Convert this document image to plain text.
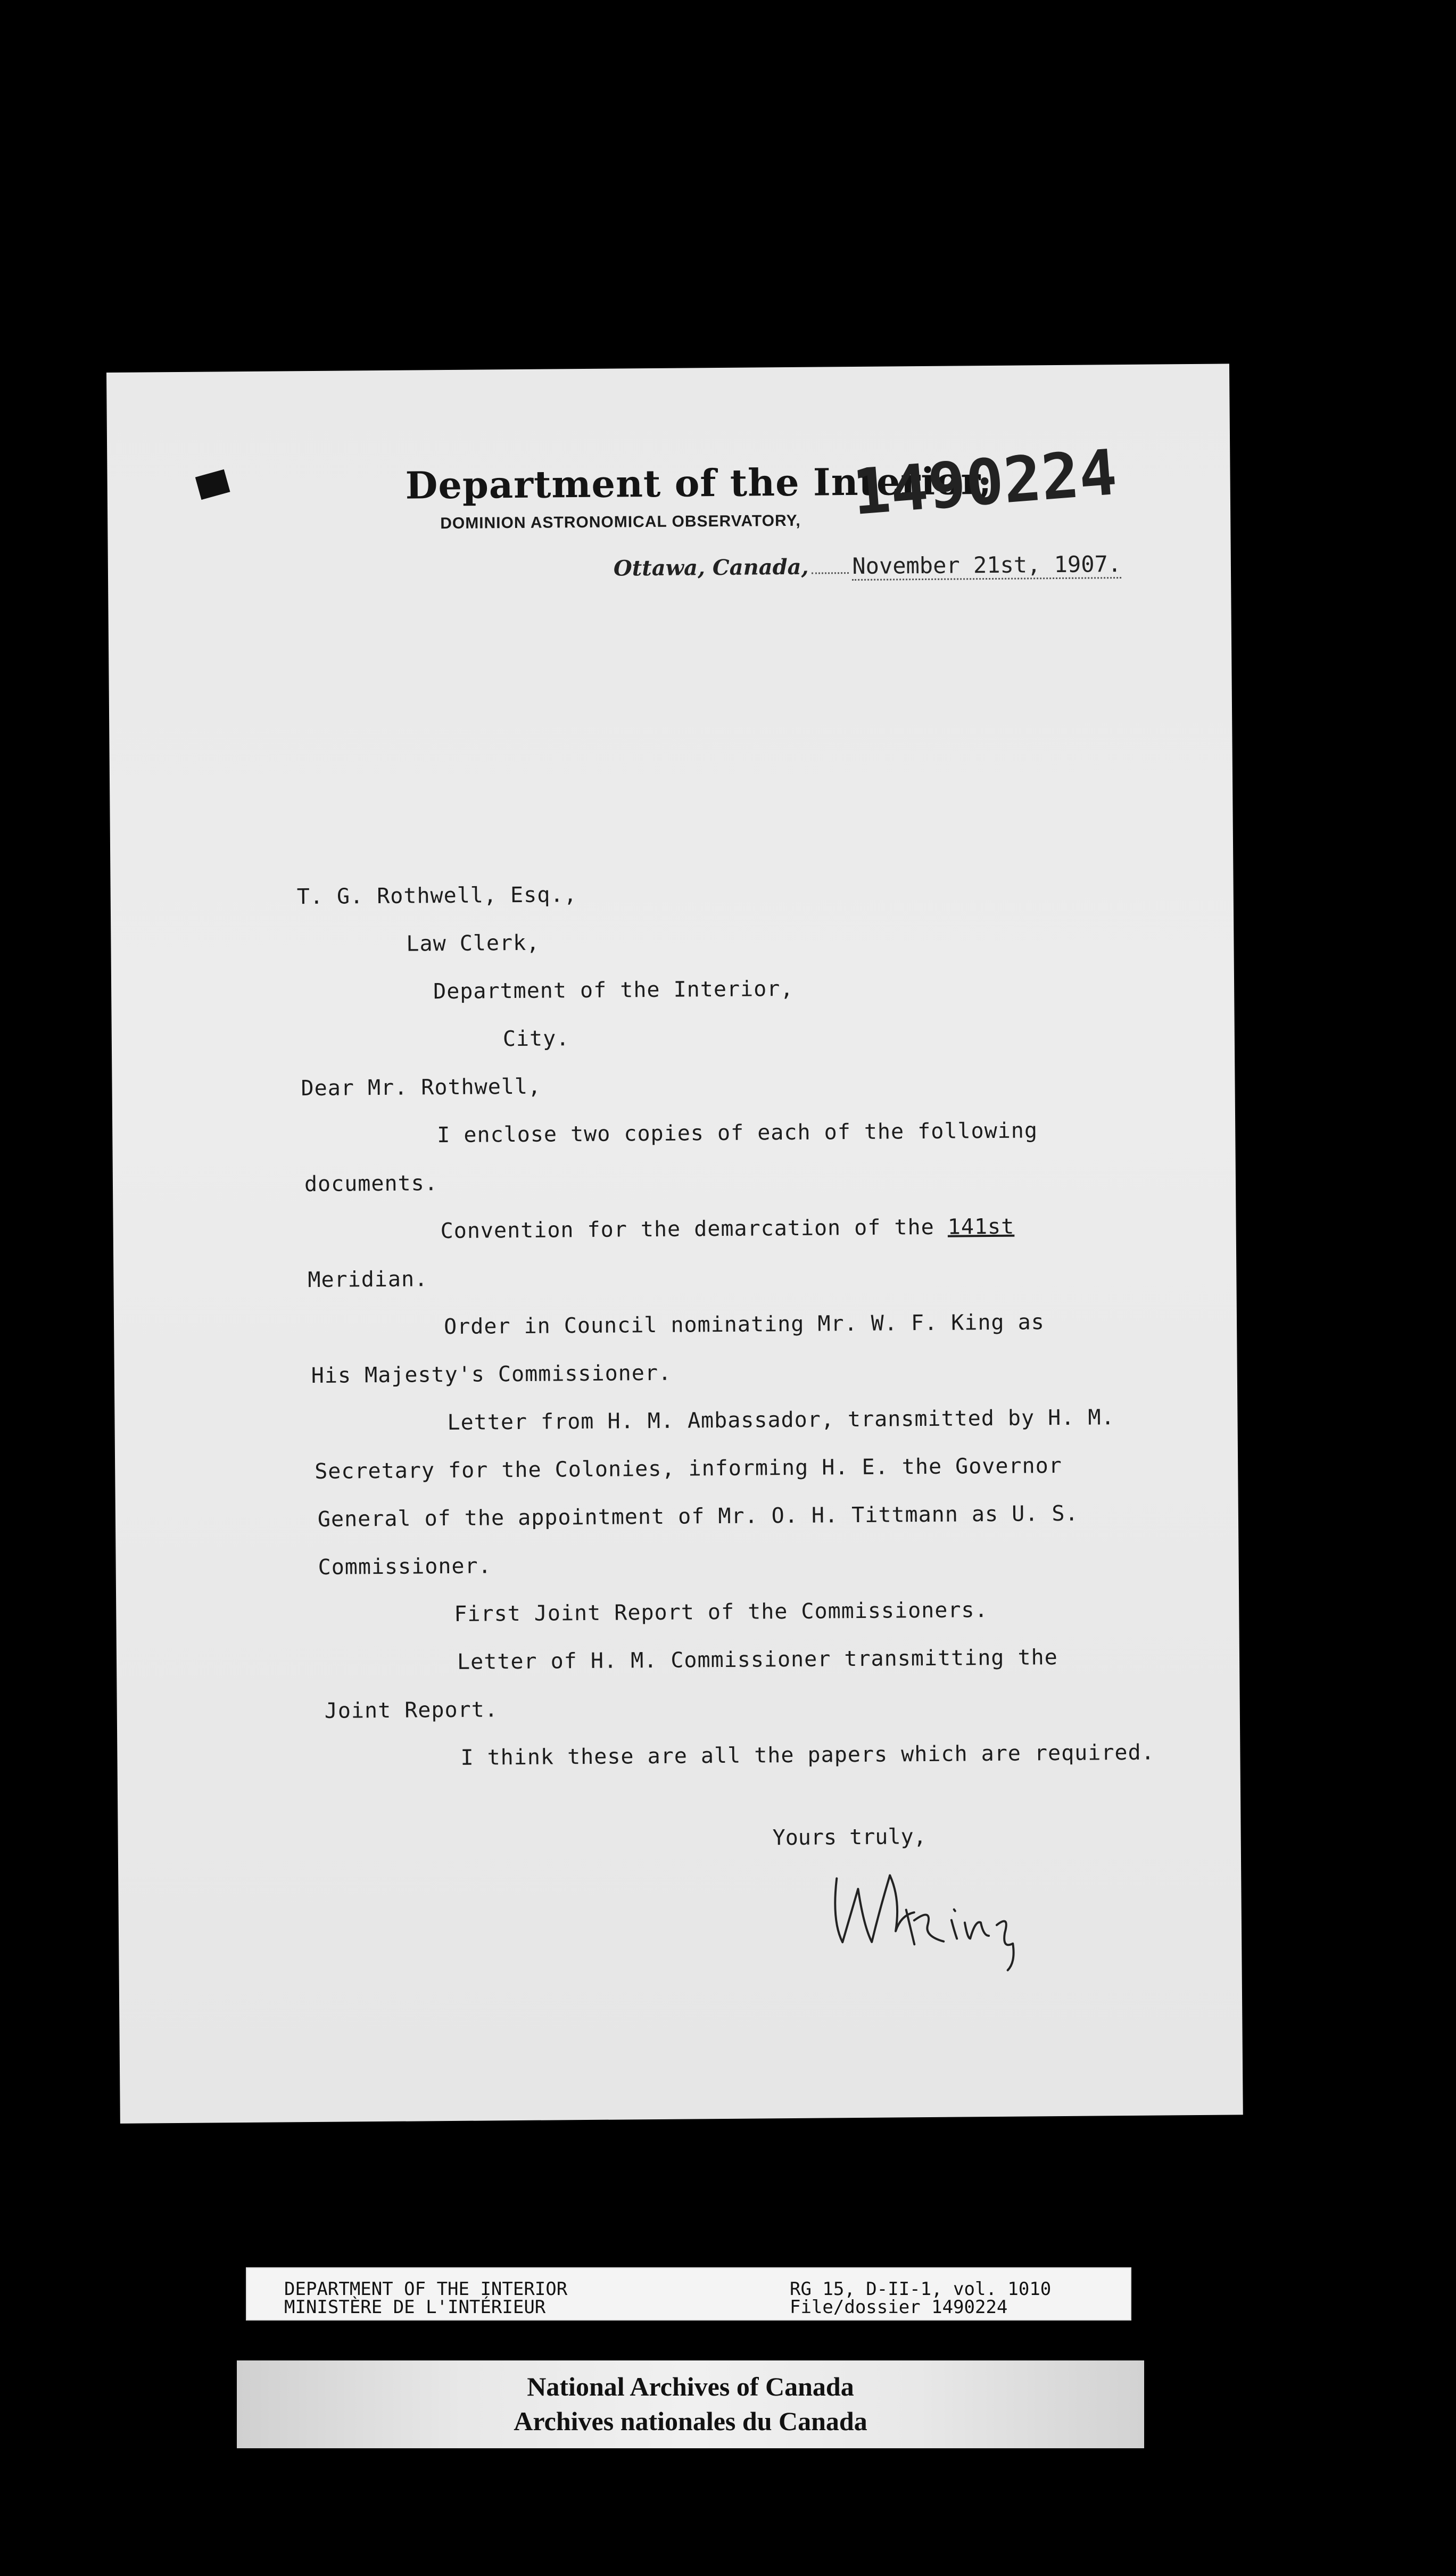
Department of the Interior,
DOMINION ASTRONOMICAL OBSERVATORY, 1490224
Ottawa, Canada, November 21st, 1907.
T. G. Rothwell, Esq.,
Law Clerk,
Department of the Interior,
City.
Dear Mr. Rothwell,
I enclose two copies of each of the following
documents.
Convention for the demarcation of the 141st
Meridian.
Order in Council nominating Mr. W. F. King as
His Majesty's Commissioner.
Letter from H. M. Ambassador, transmitted by H. M.
Secretary for the Colonies, informing H. E. the Governor
General of the appointment of Mr. O. H. Tittmann as U. S.
Commissioner.
First Joint Report of the Commissioners.
Letter of H. M. Commissioner transmitting the
Joint Report.
I think these are all the papers which are required.
Yours truly,
DEPARTMENT OF THE INTERIOR
MINISTÈRE DE L'INTÉRIEUR
RG 15, D-II-1, vol. 1010
File/dossier 1490224
National Archives of Canada
Archives nationales du Canada
